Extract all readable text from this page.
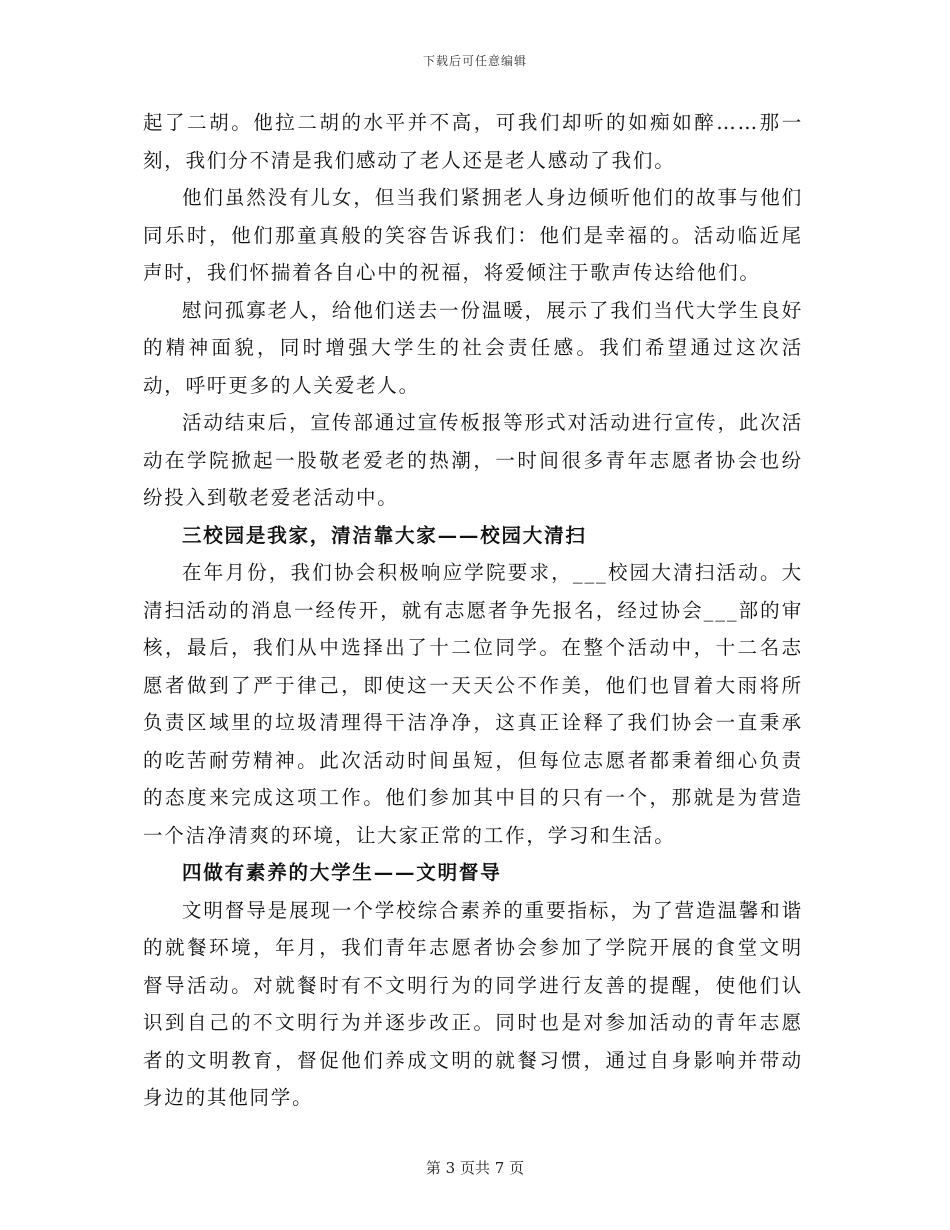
下载后可任意编辑

起了二胡。他拉二胡的水平并不高，可我们却听的如痴如醉……那一刻，我们分不清是我们感动了老人还是老人感动了我们。

他们虽然没有儿女，但当我们紧拥老人身边倾听他们的故事与他们同乐时，他们那童真般的笑容告诉我们：他们是幸福的。活动临近尾声时，我们怀揣着各自心中的祝福，将爱倾注于歌声传达给他们。

慰问孤寡老人，给他们送去一份温暖，展示了我们当代大学生良好的精神面貌，同时增强大学生的社会责任感。我们希望通过这次活动，呼吁更多的人关爱老人。

活动结束后，宣传部通过宣传板报等形式对活动进行宣传，此次活动在学院掀起一股敬老爱老的热潮，一时间很多青年志愿者协会也纷纷投入到敬老爱老活动中。

三校园是我家，清洁靠大家——校园大清扫

在年月份，我们协会积极响应学院要求，___校园大清扫活动。大清扫活动的消息一经传开，就有志愿者争先报名，经过协会___部的审核，最后，我们从中选择出了十二位同学。在整个活动中，十二名志愿者做到了严于律己，即使这一天天公不作美，他们也冒着大雨将所负责区域里的垃圾清理得干洁净净，这真正诠释了我们协会一直秉承的吃苦耐劳精神。此次活动时间虽短，但每位志愿者都秉着细心负责的态度来完成这项工作。他们参加其中目的只有一个，那就是为营造一个洁净清爽的环境，让大家正常的工作，学习和生活。

四做有素养的大学生——文明督导

文明督导是展现一个学校综合素养的重要指标，为了营造温馨和谐的就餐环境，年月，我们青年志愿者协会参加了学院开展的食堂文明督导活动。对就餐时有不文明行为的同学进行友善的提醒，使他们认识到自己的不文明行为并逐步改正。同时也是对参加活动的青年志愿者的文明教育，督促他们养成文明的就餐习惯，通过自身影响并带动身边的其他同学。

第 3 页共 7 页
